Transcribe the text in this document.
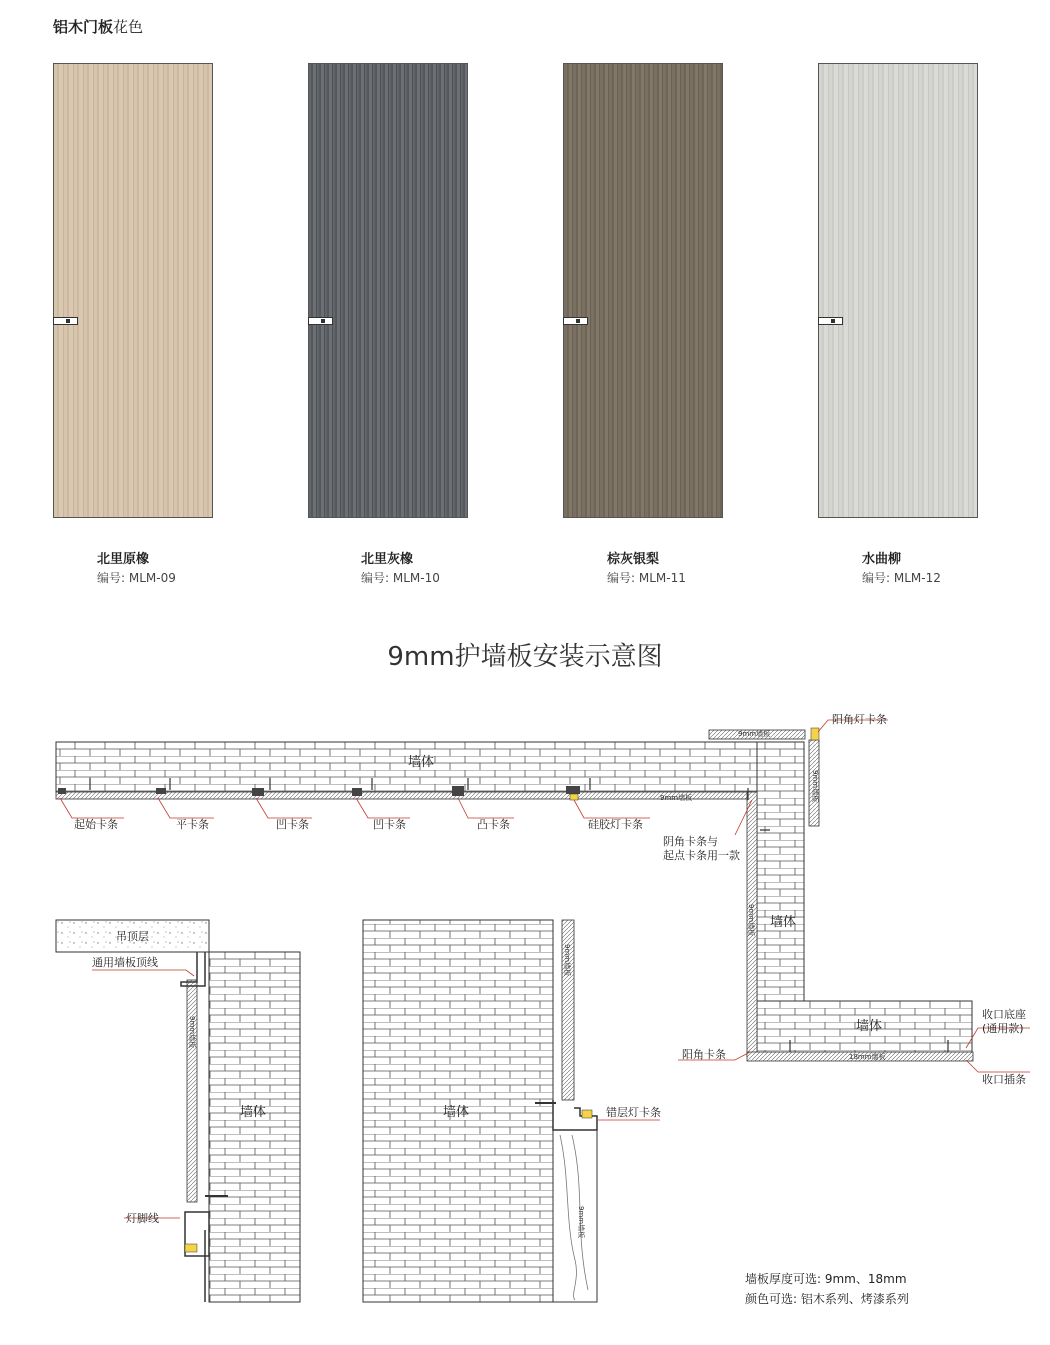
铝木门板花色
北里原橡
编号: MLM-09
北里灰橡
编号: MLM-10
棕灰银梨
编号: MLM-11
水曲柳
编号: MLM-12
9mm护墙板安装示意图
墙体
墙体
墙体
9mm墙板
9mm墙板
18mm墙板
9mm墙板
9mm墙板
起始卡条	平卡条	凹卡条	凹卡条	凸卡条	硅胶灯卡条
阳角灯卡条
阴角卡条与
起点卡条用一款
阳角卡条
收口底座
(通用款)
收口插条
吊顶层
9mm墙板
墙体
通用墙板顶线
灯脚线
9mm墙板
9mm墙板
墙体	错层灯卡条
墙板厚度可选: 9mm、18mm
颜色可选: 铝木系列、烤漆系列
